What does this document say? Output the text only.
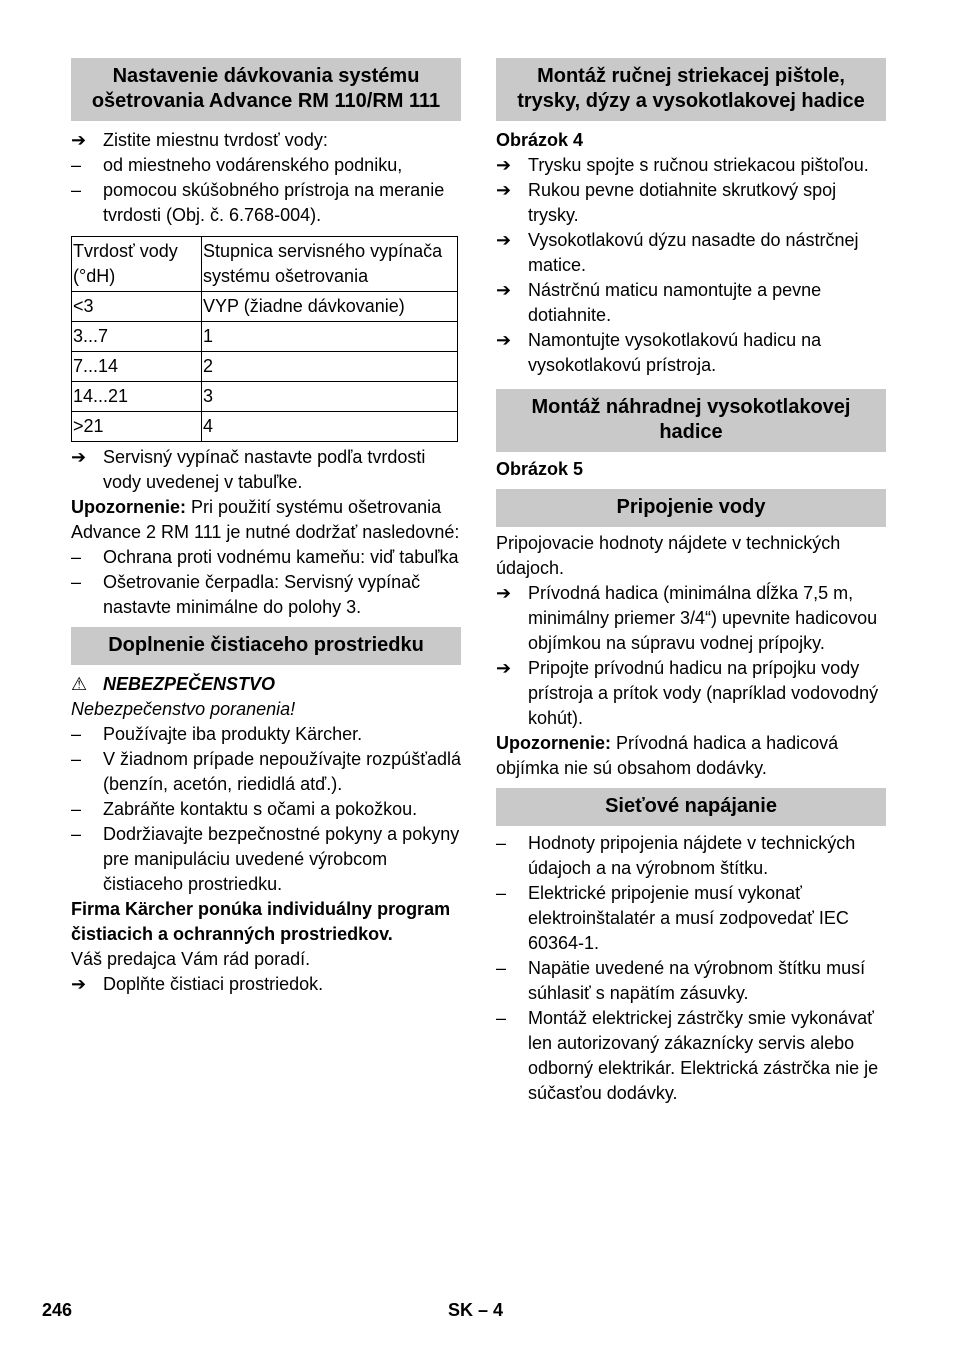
Nastavenie dávkovania systému ošetrovania Advance RM 110/RM 111
➔ Zistite miestnu tvrdosť vody:
–	od miestneho vodárenského podniku,
–	pomocou skúšobného prístroja na meranie tvrdosti (Obj. č. 6.768-004).
Tvrdosť vody (°dH)	Stupnica servisného vypínača systému ošetrovania
<3	VYP (žiadne dávkovanie)
3...7	1
7...14	2
14...21	3
>21	4
➔ Servisný vypínač nastavte podľa tvrdosti vody uvedenej v tabuľke.
Upozornenie: Pri použití systému ošetrovania Advance 2 RM 111 je nutné dodržať nasledovné:
–	Ochrana proti vodnému kameňu: viď tabuľka
–	Ošetrovanie čerpadla: Servisný vypínač nastavte minimálne do polohy 3.
Doplnenie čistiaceho prostriedku
⚠ NEBEZPEČENSTVO
Nebezpečenstvo poranenia!
–	Používajte iba produkty Kärcher.
–	V žiadnom prípade nepoužívajte rozpúšťadlá (benzín, acetón, riedidlá atď.).
–	Zabráňte kontaktu s očami a pokožkou.
–	Dodržiavajte bezpečnostné pokyny a pokyny pre manipuláciu uvedené výrobcom čistiaceho prostriedku.
Firma Kärcher ponúka individuálny program čistiacich a ochranných prostriedkov.
Váš predajca Vám rád poradí.
➔ Doplňte čistiaci prostriedok.
Montáž ručnej striekacej pištole, trysky, dýzy a vysokotlakovej hadice
Obrázok 4
➔ Trysku spojte s ručnou striekacou pištoľou.
➔ Rukou pevne dotiahnite skrutkový spoj trysky.
➔ Vysokotlakovú dýzu nasadte do nástrčnej matice.
➔ Nástrčnú maticu namontujte a pevne dotiahnite.
➔ Namontujte vysokotlakovú hadicu na vysokotlakovú prístroja.
Montáž náhradnej vysokotlakovej hadice
Obrázok 5
Pripojenie vody
Pripojovacie hodnoty nájdete v technických údajoch.
➔ Prívodná hadica (minimálna dĺžka 7,5 m, minimálny priemer 3/4“) upevnite hadicovou objímkou na súpravu vodnej prípojky.
➔ Pripojte prívodnú hadicu na prípojku vody prístroja a prítok vody (napríklad vodovodný kohút).
Upozornenie: Prívodná hadica a hadicová objímka nie sú obsahom dodávky.
Sieťové napájanie
–	Hodnoty pripojenia nájdete v technických údajoch a na výrobnom štítku.
–	Elektrické pripojenie musí vykonať elektroinštalatér a musí zodpovedať IEC 60364-1.
–	Napätie uvedené na výrobnom štítku musí súhlasiť s napätím zásuvky.
–	Montáž elektrickej zástrčky smie vykonávať len autorizovaný zákaznícky servis alebo odborný elektrikár. Elektrická zástrčka nie je súčasťou dodávky.
246	SK – 4
